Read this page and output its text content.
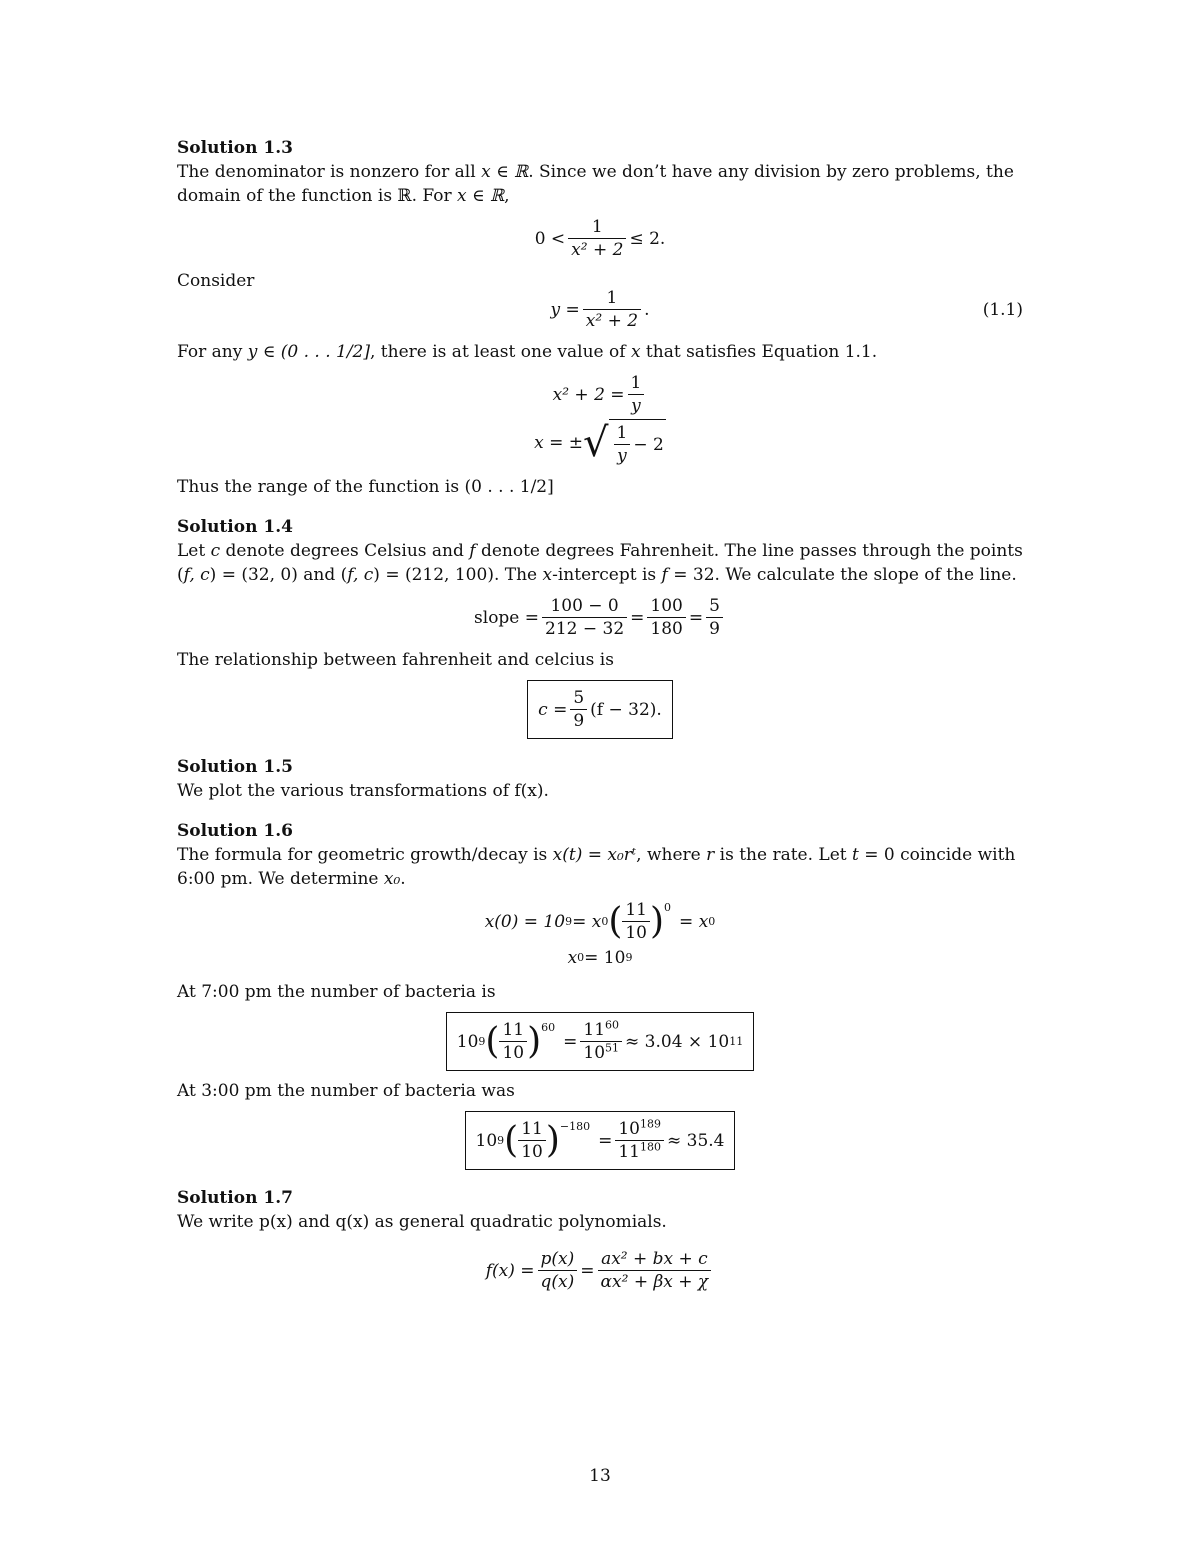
Solution 1.3

The denominator is nonzero for all x ∈ ℝ. Since we don’t have any division by zero problems, the domain of the function is ℝ. For x ∈ ℝ,

$0 < \frac{1}{\text{x² + 2}} \le 2$.

Consider

$y = \frac{1}{\text{x² + 2}}$ .	(1.1)

For any y ∈ (0 . . . 1/2], there is at least one value of x that satisfies Equation 1.1.

$x^2 + 2 = \frac{1}{y}$
x = ± √ $\frac{1}{y} - 2$

Thus the range of the function is (0 . . . 1/2]

Solution 1.4

Let c denote degrees Celsius and f denote degrees Fahrenheit. The line passes through the points (f, c) = (32, 0) and (f, c) = (212, 100). The x-intercept is f = 32. We calculate the slope of the line.

slope = $\frac{100 - 0}{212 - 32} = \frac{100}{180} = \frac{5}{9}$

The relationship between fahrenheit and celcius is

$c = \frac{5}{9} (f - 32)$.
Solution 1.5

We plot the various transformations of f(x).

Solution 1.6

The formula for geometric growth/decay is x(t) = x₀rᵗ, where r is the rate. Let t = 0 coincide with 6:00 pm. We determine x₀.

x(0) = 10 9 = x 0 ( $\frac{11}{10} )^0$
= x 0
x 0 = 10 9

At 7:00 pm the number of bacteria is

10 9 ( $\frac{11}{10} )^{60}$
= $\frac{11^{60}}{10^{51}} \approx 3.04 \times 10$ 11

At 3:00 pm the number of bacteria was

10 9 ( $\frac{11}{10} )^{-180}$
= $\frac{10^{189}}{11^{180}} \approx 35.4$
Solution 1.7

We write p(x) and q(x) as general quadratic polynomials.

$f(x) = \frac{p(x)}{q(x)} = \frac{\text{ax² + bx + c}}{\text{αx² + βx + χ}}$
13
